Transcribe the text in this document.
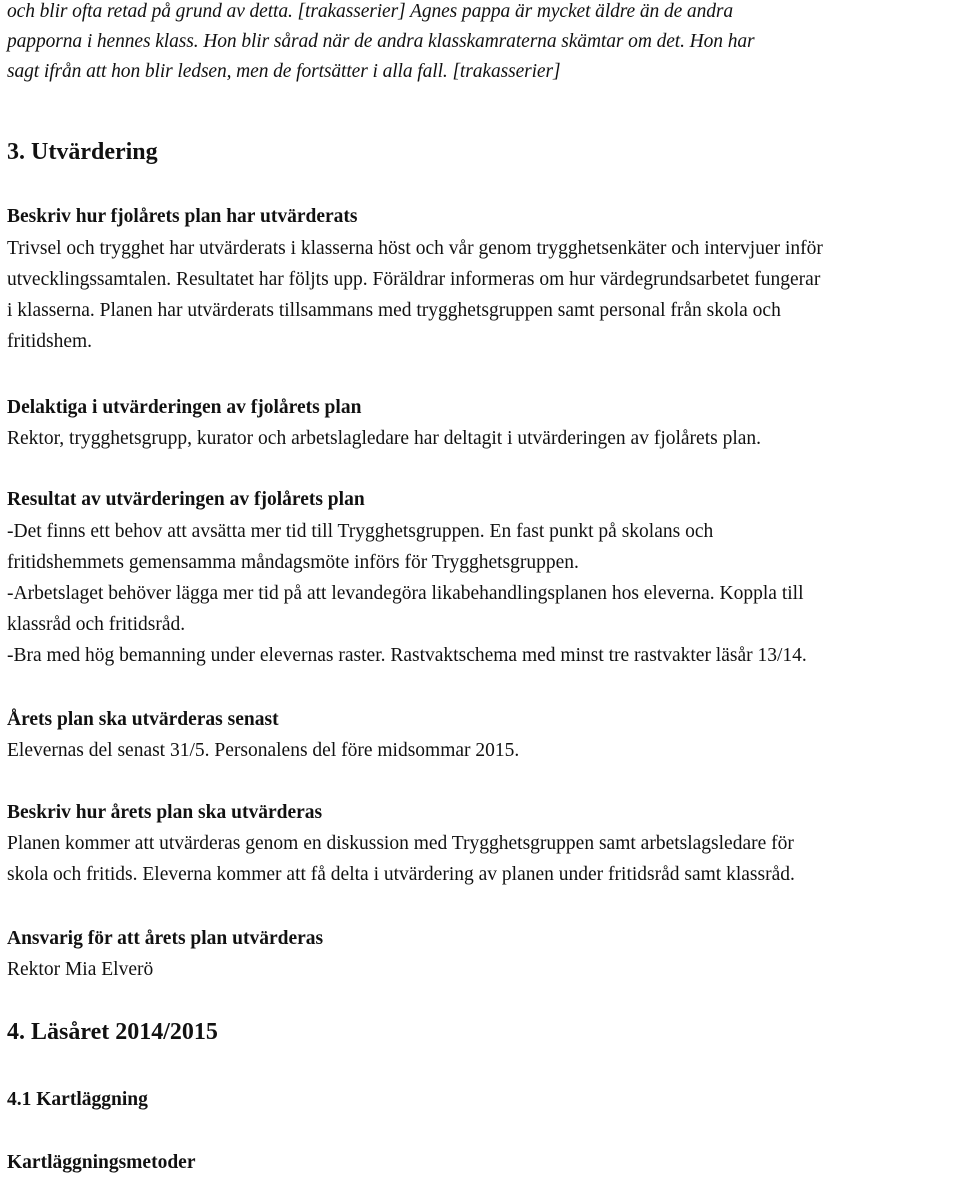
och blir ofta retad på grund av detta. [trakasserier] Agnes pappa är mycket äldre än de andra
papporna i hennes klass. Hon blir sårad när de andra klasskamraterna skämtar om det. Hon har
sagt ifrån att hon blir ledsen, men de fortsätter i alla fall. [trakasserier]
3. Utvärdering
Beskriv hur fjolårets plan har utvärderats
Trivsel och trygghet har utvärderats i klasserna höst och vår genom trygghetsenkäter och intervjuer inför
utvecklingssamtalen. Resultatet har följts upp. Föräldrar informeras om hur värdegrundsarbetet fungerar
i klasserna. Planen har utvärderats tillsammans med trygghetsgruppen samt personal från skola och
fritidshem.
Delaktiga i utvärderingen av fjolårets plan
Rektor, trygghetsgrupp, kurator och arbetslagledare har deltagit i utvärderingen av fjolårets plan.
Resultat av utvärderingen av fjolårets plan
-Det finns ett behov att avsätta mer tid till Trygghetsgruppen. En fast punkt på skolans och
fritidshemmets gemensamma måndagsmöte införs för Trygghetsgruppen.
-Arbetslaget behöver lägga mer tid på att levandegöra likabehandlingsplanen hos eleverna. Koppla till
klassråd och fritidsråd.
-Bra med hög bemanning under elevernas raster. Rastvaktschema med minst tre rastvakter läsår 13/14.
Årets plan ska utvärderas senast
Elevernas del senast 31/5. Personalens del före midsommar 2015.
Beskriv hur årets plan ska utvärderas
Planen kommer att utvärderas genom en diskussion med Trygghetsgruppen samt arbetslagsledare för
skola och fritids. Eleverna kommer att få delta i utvärdering av planen under fritidsråd samt klassråd.
Ansvarig för att årets plan utvärderas
Rektor Mia Elverö
4. Läsåret 2014/2015
4.1 Kartläggning
Kartläggningsmetoder
